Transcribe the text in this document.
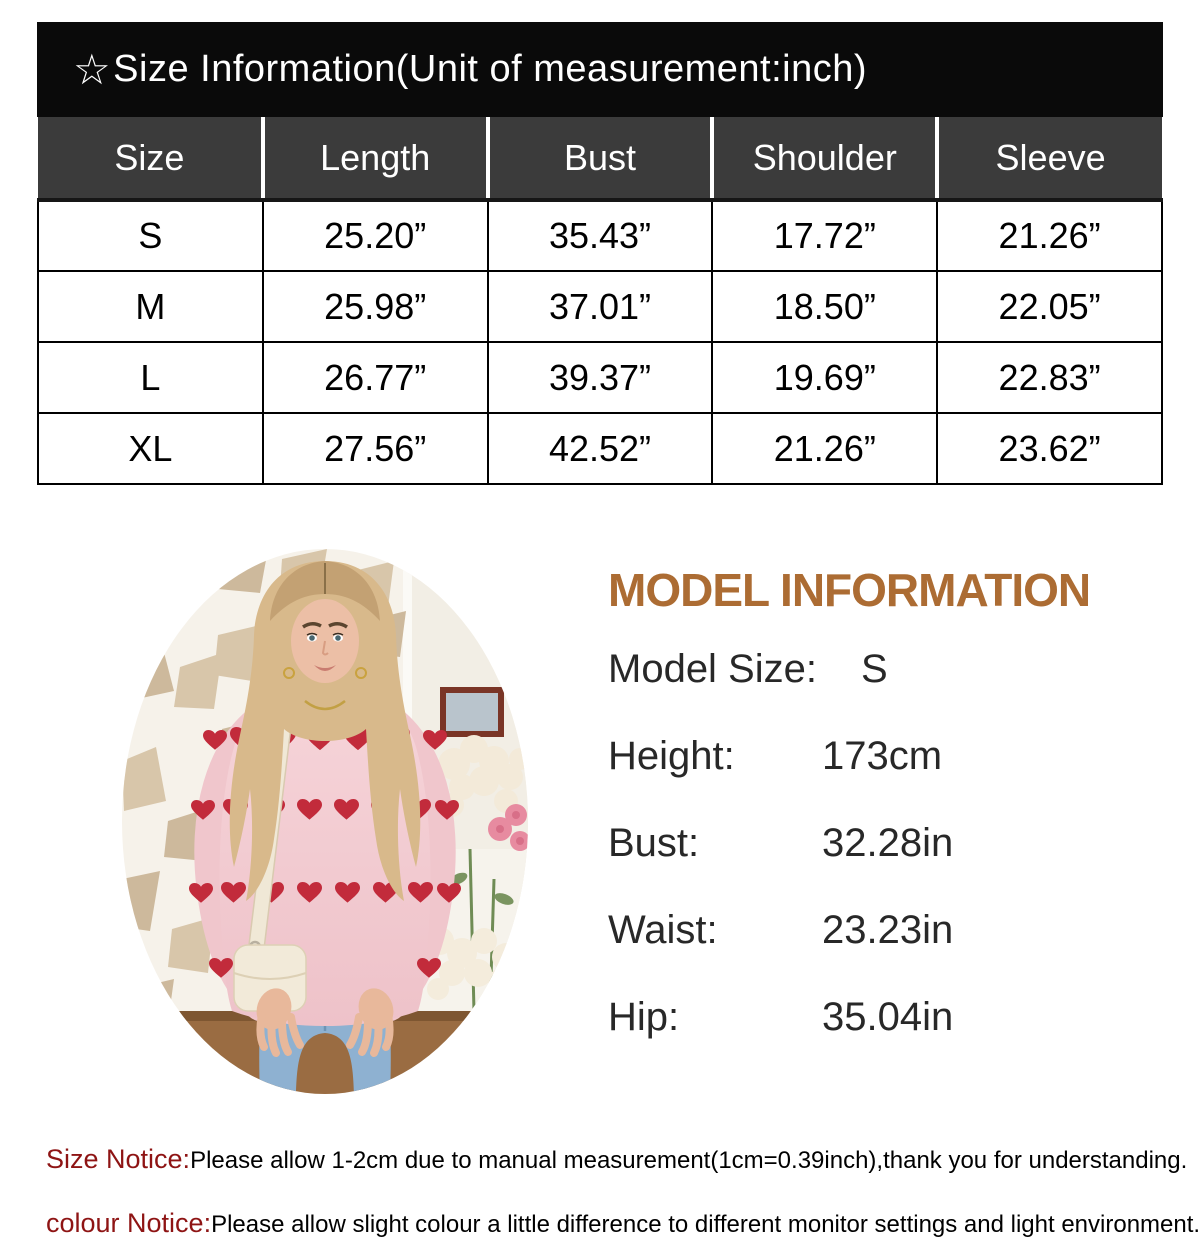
☆ Size Information(Unit of measurement:inch)
Size	Length	Bust	Shoulder	Sleeve
S	25.20”	35.43”	17.72”	21.26”
M	25.98”	37.01”	18.50”	22.05”
L	26.77”	39.37”	19.69”	22.83”
XL	27.56”	42.52”	21.26”	23.62”
MODEL INFORMATION
Model Size: S
Height: 173cm
Bust:	32.28in
Waist:	23.23in
Hip:	35.04in
Size Notice:Please allow 1-2cm due to manual measurement(1cm=0.39inch),thank you for understanding.
colour Notice:Please allow slight colour a little difference to different monitor settings and light environment.
